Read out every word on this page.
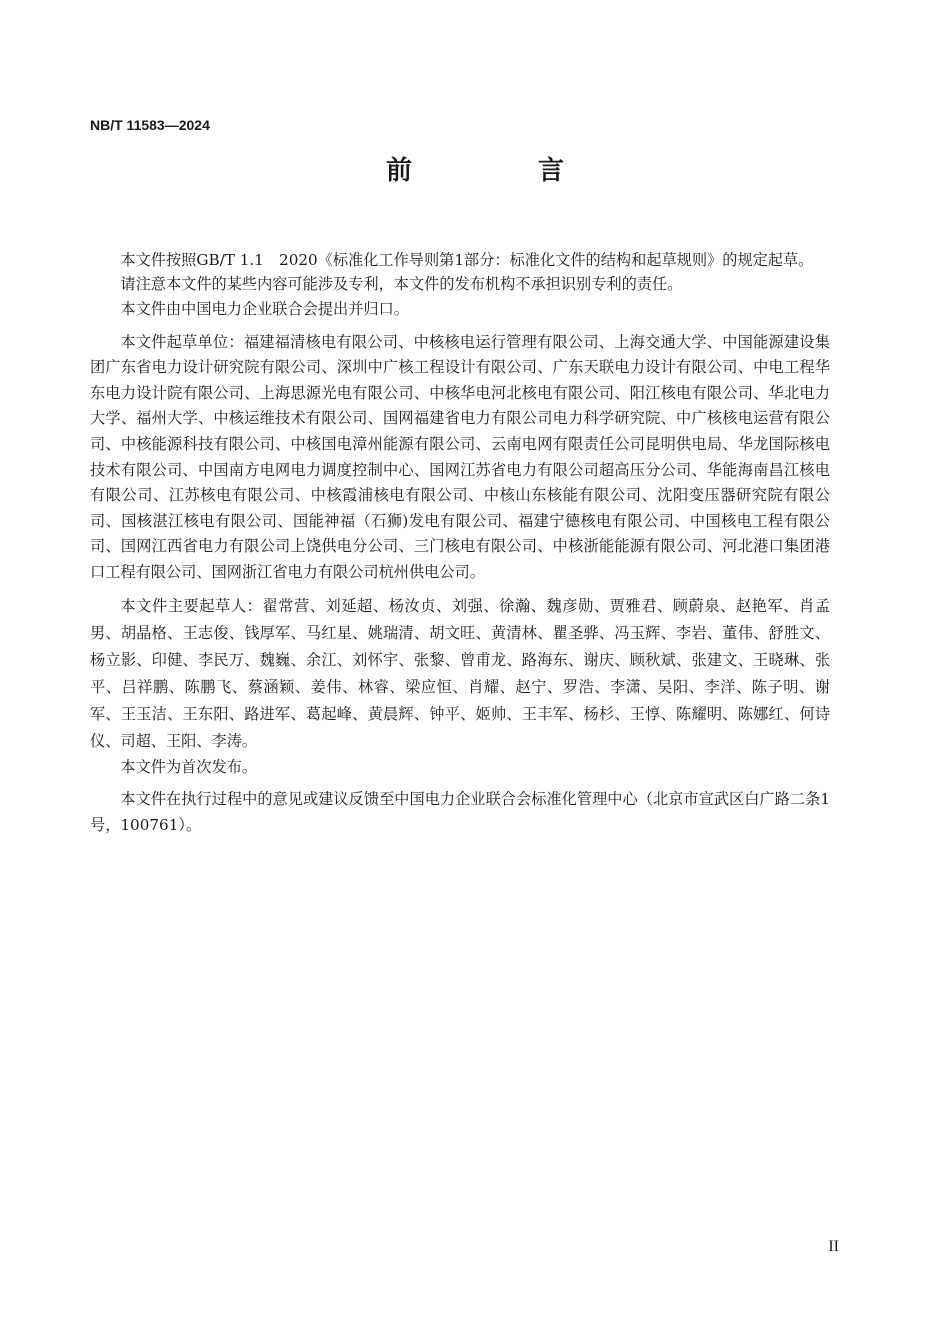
NB/T 11583—2024
前　言

本文件按照GB/T 1.1　2020《标准化工作导则第1部分：标准化文件的结构和起草规则》的规定起草。

请注意本文件的某些内容可能涉及专利，本文件的发布机构不承担识别专利的责任。

本文件由中国电力企业联合会提出并归口。

本文件起草单位：福建福清核电有限公司、中核核电运行管理有限公司、上海交通大学、中国能源建设集团广东省电力设计研究院有限公司、深圳中广核工程设计有限公司、广东天联电力设计有限公司、中电工程华东电力设计院有限公司、上海思源光电有限公司、中核华电河北核电有限公司、阳江核电有限公司、华北电力大学、福州大学、中核运维技术有限公司、国网福建省电力有限公司电力科学研究院、中广核核电运营有限公司、中核能源科技有限公司、中核国电漳州能源有限公司、云南电网有限责任公司昆明供电局、华龙国际核电技术有限公司、中国南方电网电力调度控制中心、国网江苏省电力有限公司超高压分公司、华能海南昌江核电有限公司、江苏核电有限公司、中核霞浦核电有限公司、中核山东核能有限公司、沈阳变压器研究院有限公司、国核湛江核电有限公司、国能神福（石狮)发电有限公司、福建宁德核电有限公司、中国核电工程有限公司、国网江西省电力有限公司上饶供电分公司、三门核电有限公司、中核浙能能源有限公司、河北港口集团港口工程有限公司、国网浙江省电力有限公司杭州供电公司。

本文件主要起草人：翟常营、刘延超、杨汝贞、刘强、徐瀚、魏彦勋、贾雅君、顾蔚泉、赵艳军、肖孟男、胡晶格、王志俊、钱厚军、马红星、姚瑞清、胡文旺、黄清林、瞿圣骅、冯玉辉、李岩、董伟、舒胜文、杨立影、印健、李民万、魏巍、余江、刘怀宇、张黎、曾甫龙、路海东、谢庆、顾秋斌、张建文、王晓琳、张平、吕祥鹏、陈鹏飞、蔡涵颖、姜伟、林睿、梁应恒、肖耀、赵宁、罗浩、李潇、吴阳、李洋、陈子明、谢军、王玉洁、王东阳、路进军、葛起峰、黄晨辉、钟平、姬帅、王丰军、杨杉、王惇、陈耀明、陈娜红、何诗仪、司超、王阳、李涛。

本文件为首次发布。

本文件在执行过程中的意见或建议反馈至中国电力企业联合会标准化管理中心（北京市宣武区白广路二条1号，100761）。

II
